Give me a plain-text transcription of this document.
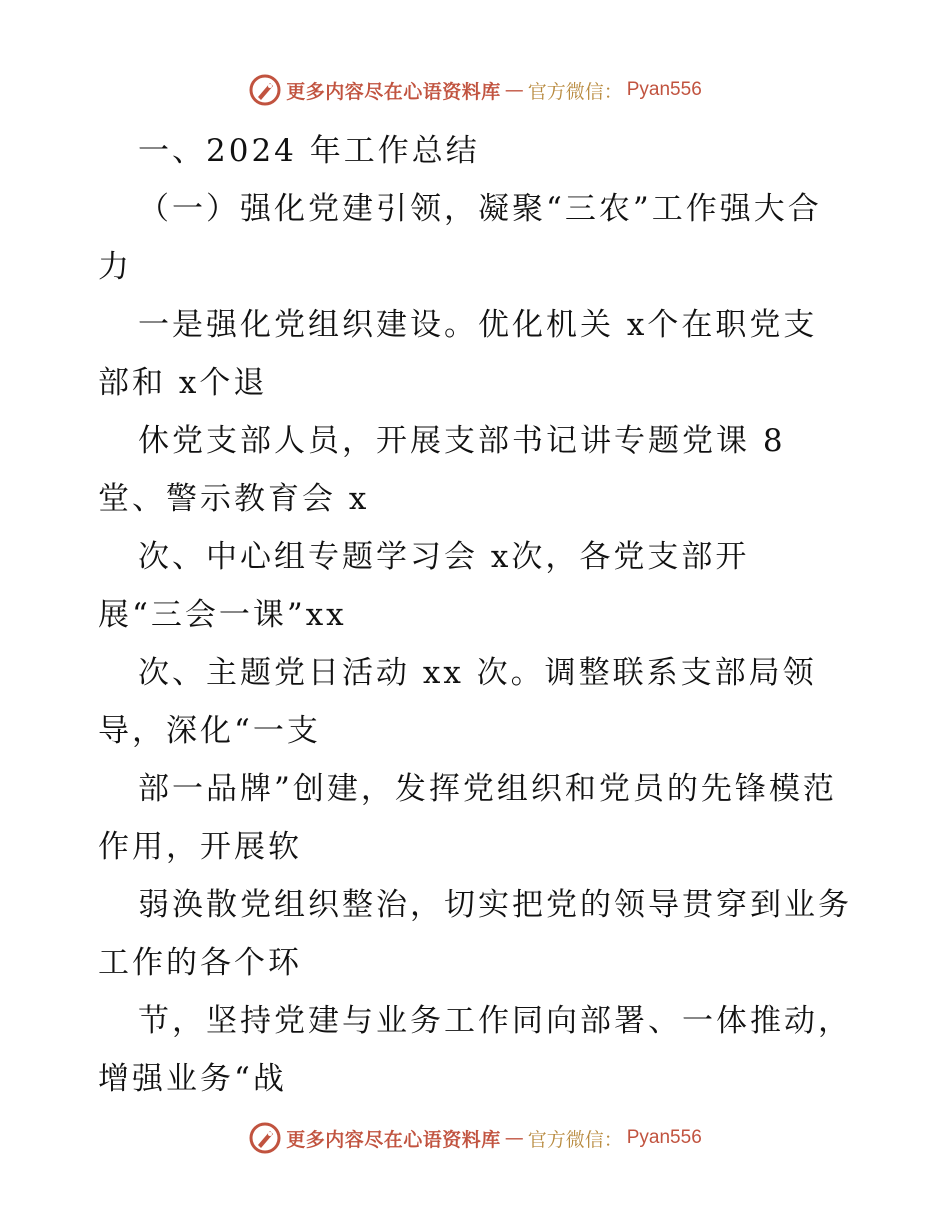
更多内容尽在心语资料库 — 官方微信： Pyan556

一、2024 年工作总结

（一）强化党建引领，凝聚“三农”工作强大合

力

一是强化党组织建设。优化机关 x个在职党支

部和 x个退

休党支部人员，开展支部书记讲专题党课 8

堂、警示教育会 x

次、中心组专题学习会 x次，各党支部开

展“三会一课”xx

次、主题党日活动 xx 次。调整联系支部局领

导，深化“一支

部一品牌”创建，发挥党组织和党员的先锋模范

作用，开展软

弱涣散党组织整治，切实把党的领导贯穿到业务

工作的各个环

节，坚持党建与业务工作同向部署、一体推动，

增强业务“战

更多内容尽在心语资料库 — 官方微信： Pyan556
